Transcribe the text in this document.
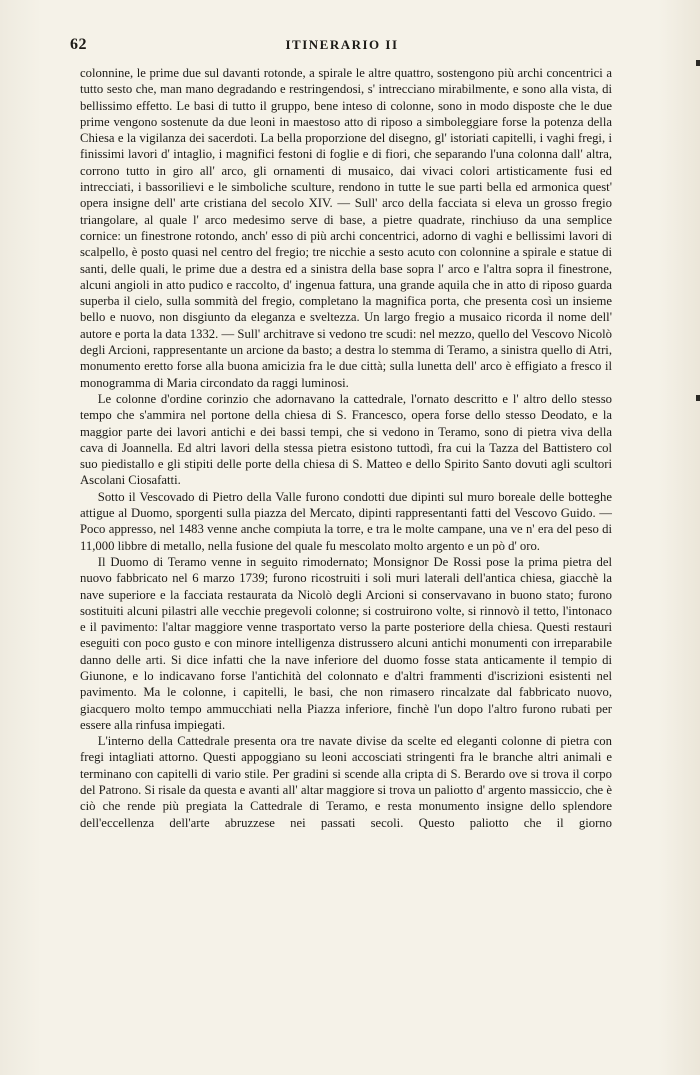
62	ITINERARIO II

colonnine, le prime due sul davanti rotonde, a spirale le altre quattro, sostengono più archi concentrici a tutto sesto che, man mano degradando e restringendosi, s' intrecciano mirabilmente, e sono alla vista, di bellissimo effetto. Le basi di tutto il gruppo, bene inteso di colonne, sono in modo disposte che le due prime vengono sostenute da due leoni in maestoso atto di riposo a simboleggiare forse la potenza della Chiesa e la vigilanza dei sacerdoti. La bella proporzione del disegno, gl' istoriati capitelli, i vaghi fregi, i finissimi lavori d' intaglio, i magnifici festoni di foglie e di fiori, che separando l'una colonna dall' altra, corrono tutto in giro all' arco, gli ornamenti di musaico, dai vivaci colori artisticamente fusi ed intrecciati, i bassorilievi e le simboliche sculture, rendono in tutte le sue parti bella ed armonica quest' opera insigne dell' arte cristiana del secolo XIV. — Sull' arco della facciata si eleva un grosso fregio triangolare, al quale l' arco medesimo serve di base, a pietre quadrate, rinchiuso da una semplice cornice: un finestrone rotondo, anch' esso di più archi concentrici, adorno di vaghi e bellissimi lavori di scalpello, è posto quasi nel centro del fregio; tre nicchie a sesto acuto con colonnine a spirale e statue di santi, delle quali, le prime due a destra ed a sinistra della base sopra l' arco e l'altra sopra il finestrone, alcuni angioli in atto pudico e raccolto, d' ingenua fattura, una grande aquila che in atto di riposo guarda superba il cielo, sulla sommità del fregio, completano la magnifica porta, che presenta così un insieme bello e nuovo, non disgiunto da eleganza e sveltezza. Un largo fregio a musaico ricorda il nome dell' autore e porta la data 1332. — Sull' architrave si vedono tre scudi: nel mezzo, quello del Vescovo Nicolò degli Arcioni, rappresentante un arcione da basto; a destra lo stemma di Teramo, a sinistra quello di Atri, monumento eretto forse alla buona amicizia fra le due città; sulla lunetta dell' arco è effigiato a fresco il monogramma di Maria circondato da raggi luminosi.

Le colonne d'ordine corinzio che adornavano la cattedrale, l'ornato descritto e l' altro dello stesso tempo che s'ammira nel portone della chiesa di S. Francesco, opera forse dello stesso Deodato, e la maggior parte dei lavori antichi e dei bassi tempi, che si vedono in Teramo, sono di pietra viva della cava di Joannella. Ed altri lavori della stessa pietra esistono tuttodì, fra cui la Tazza del Battistero col suo piedistallo e gli stipiti delle porte della chiesa di S. Matteo e dello Spirito Santo dovuti agli scultori Ascolani Ciosafatti.

Sotto il Vescovado di Pietro della Valle furono condotti due dipinti sul muro boreale delle botteghe attigue al Duomo, sporgenti sulla piazza del Mercato, dipinti rappresentanti fatti del Vescovo Guido. — Poco appresso, nel 1483 venne anche compiuta la torre, e tra le molte campane, una ve n' era del peso di 11,000 libbre di metallo, nella fusione del quale fu mescolato molto argento e un pò d' oro.

Il Duomo di Teramo venne in seguito rimodernato; Monsignor De Rossi pose la prima pietra del nuovo fabbricato nel 6 marzo 1739; furono ricostruiti i soli muri laterali dell'antica chiesa, giacchè la nave superiore e la facciata restaurata da Nicolò degli Arcioni si conservavano in buono stato; furono sostituiti alcuni pilastri alle vecchie pregevoli colonne; si costruirono volte, si rinnovò il tetto, l'intonaco e il pavimento: l'altar maggiore venne trasportato verso la parte posteriore della chiesa. Questi restauri eseguiti con poco gusto e con minore intelligenza distrussero alcuni antichi monumenti con irreparabile danno delle arti. Si dice infatti che la nave inferiore del duomo fosse stata anticamente il tempio di Giunone, e lo indicavano forse l'antichità del colonnato e d'altri frammenti d'iscrizioni esistenti nel pavimento. Ma le colonne, i capitelli, le basi, che non rimasero rincalzate dal fabbricato nuovo, giacquero molto tempo ammucchiati nella Piazza inferiore, finchè l'un dopo l'altro furono rubati per essere alla rinfusa impiegati.

L'interno della Cattedrale presenta ora tre navate divise da scelte ed eleganti colonne di pietra con fregi intagliati attorno. Questi appoggiano su leoni accosciati stringenti fra le branche altri animali e terminano con capitelli di vario stile. Per gradini si scende alla cripta di S. Berardo ove si trova il corpo del Patrono. Si risale da questa e avanti all' altar maggiore si trova un paliotto d' argento massiccio, che è ciò che rende più pregiata la Cattedrale di Teramo, e resta monumento insigne dello splendore dell'eccellenza dell'arte abruzzese nei passati secoli. Questo paliotto che il giorno
